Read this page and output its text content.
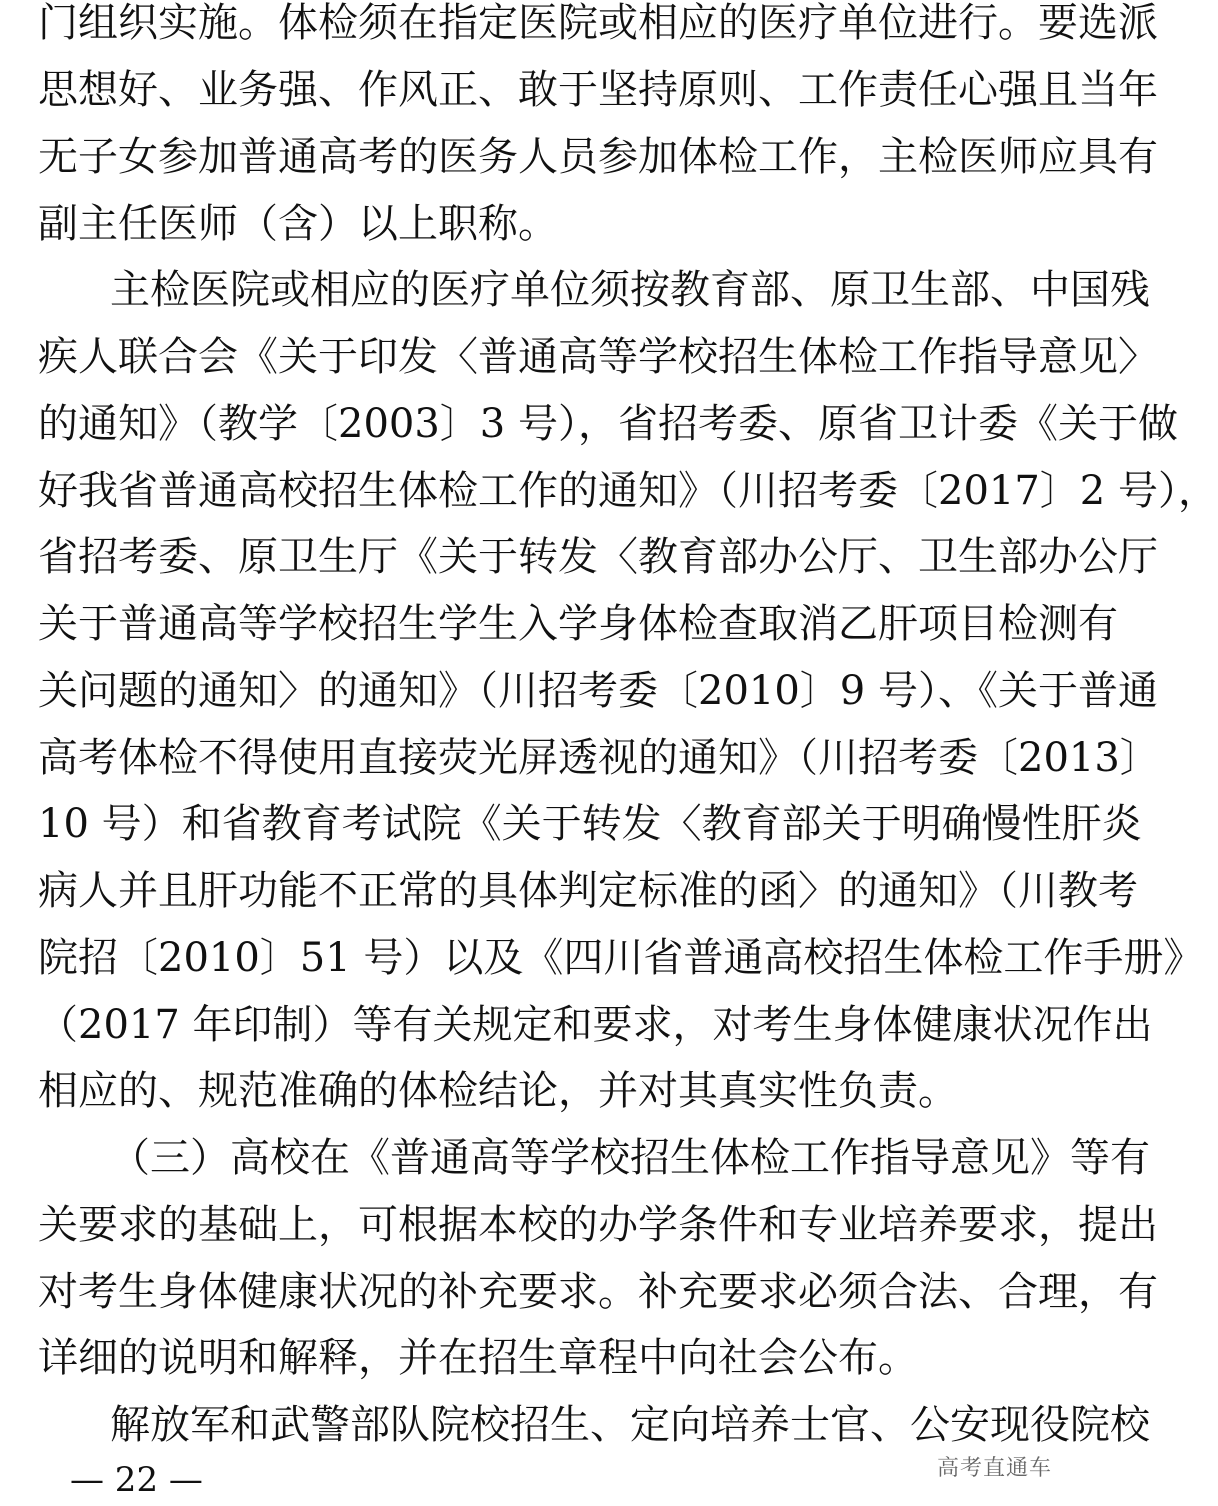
门组织实施。体检须在指定医院或相应的医疗单位进行。要选派
思想好、业务强、作风正、敢于坚持原则、工作责任心强且当年
无子女参加普通高考的医务人员参加体检工作，主检医师应具有
副主任医师（含）以上职称。
主检医院或相应的医疗单位须按教育部、原卫生部、中国残
疾人联合会《关于印发〈普通高等学校招生体检工作指导意见〉
的通知》（教学〔2003〕3 号），省招考委、原省卫计委《关于做
好我省普通高校招生体检工作的通知》（川招考委〔2017〕2 号），
省招考委、原卫生厅《关于转发〈教育部办公厅、卫生部办公厅
关于普通高等学校招生学生入学身体检查取消乙肝项目检测有
关问题的通知〉的通知》（川招考委〔2010〕9 号）、《关于普通
高考体检不得使用直接荧光屏透视的通知》（川招考委〔2013〕
10 号）和省教育考试院《关于转发〈教育部关于明确慢性肝炎
病人并且肝功能不正常的具体判定标准的函〉的通知》（川教考
院招〔2010〕51 号）以及《四川省普通高校招生体检工作手册》
（2017 年印制）等有关规定和要求，对考生身体健康状况作出
相应的、规范准确的体检结论，并对其真实性负责。
（三）高校在《普通高等学校招生体检工作指导意见》等有
关要求的基础上，可根据本校的办学条件和专业培养要求，提出
对考生身体健康状况的补充要求。补充要求必须合法、合理，有
详细的说明和解释，并在招生章程中向社会公布。
解放军和武警部队院校招生、定向培养士官、公安现役院校
— 22 —	高考直通车
